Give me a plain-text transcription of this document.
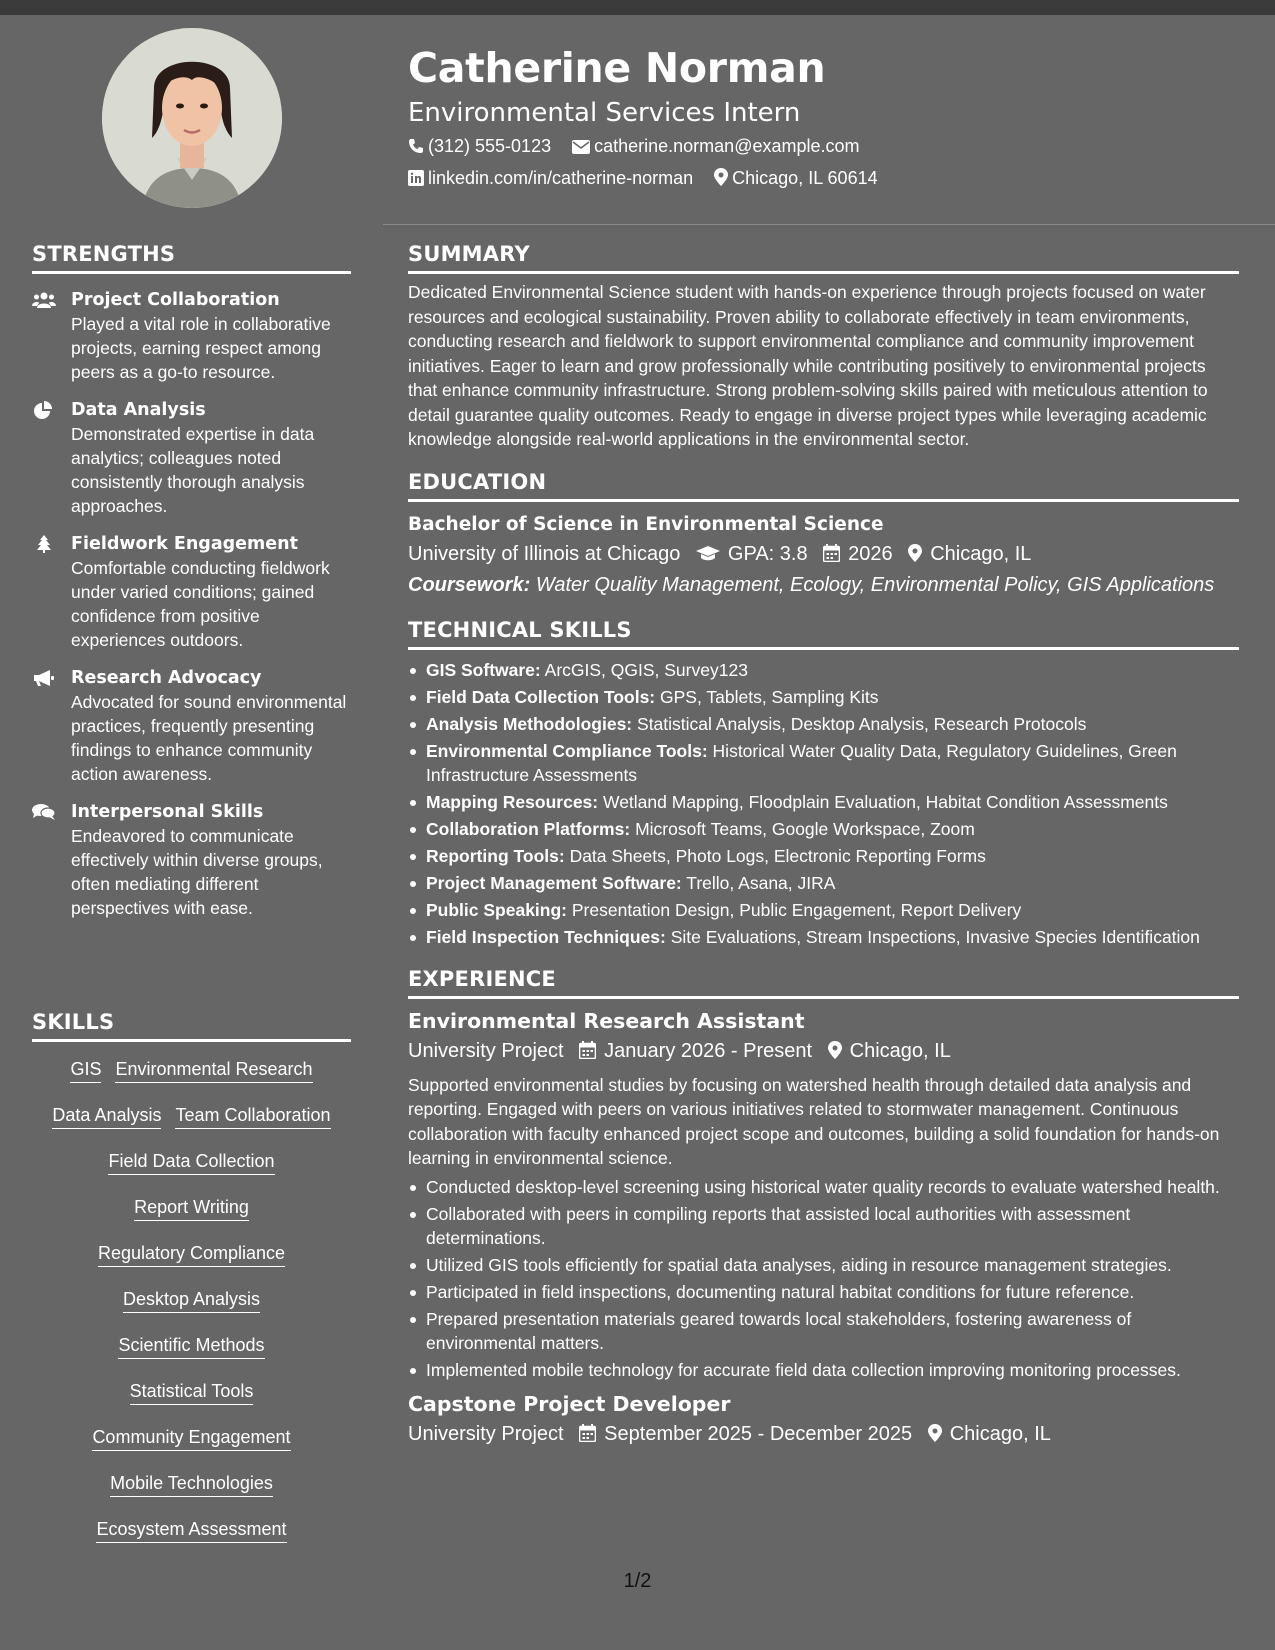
Catherine Norman
Environmental Services Intern
(312) 555-0123 catherine.norman@example.com
linkedin.com/in/catherine-norman Chicago, IL 60614
STRENGTHS
Project Collaboration
Played a vital role in collaborative projects, earning respect among peers as a go-to resource.
Data Analysis
Demonstrated expertise in data analytics; colleagues noted consistently thorough analysis approaches.
Fieldwork Engagement
Comfortable conducting fieldwork under varied conditions; gained confidence from positive experiences outdoors.
Research Advocacy
Advocated for sound environmental practices, frequently presenting findings to enhance community action awareness.
Interpersonal Skills
Endeavored to communicate effectively within diverse groups, often mediating different perspectives with ease.
SKILLS
GIS Environmental Research
Data Analysis Team Collaboration
Field Data Collection
Report Writing
Regulatory Compliance
Desktop Analysis
Scientific Methods
Statistical Tools
Community Engagement
Mobile Technologies
Ecosystem Assessment
SUMMARY
Dedicated Environmental Science student with hands-on experience through projects focused on water resources and ecological sustainability. Proven ability to collaborate effectively in team environments, conducting research and fieldwork to support environmental compliance and community improvement initiatives. Eager to learn and grow professionally while contributing positively to environmental projects that enhance community infrastructure. Strong problem-solving skills paired with meticulous attention to detail guarantee quality outcomes. Ready to engage in diverse project types while leveraging academic knowledge alongside real-world applications in the environmental sector.
EDUCATION
Bachelor of Science in Environmental Science
University of Illinois at Chicago GPA: 3.8 2026 Chicago, IL
Coursework: Water Quality Management, Ecology, Environmental Policy, GIS Applications
TECHNICAL SKILLS
GIS Software: ArcGIS, QGIS, Survey123
Field Data Collection Tools: GPS, Tablets, Sampling Kits
Analysis Methodologies: Statistical Analysis, Desktop Analysis, Research Protocols
Environmental Compliance Tools: Historical Water Quality Data, Regulatory Guidelines, Green Infrastructure Assessments
Mapping Resources: Wetland Mapping, Floodplain Evaluation, Habitat Condition Assessments
Collaboration Platforms: Microsoft Teams, Google Workspace, Zoom
Reporting Tools: Data Sheets, Photo Logs, Electronic Reporting Forms
Project Management Software: Trello, Asana, JIRA
Public Speaking: Presentation Design, Public Engagement, Report Delivery
Field Inspection Techniques: Site Evaluations, Stream Inspections, Invasive Species Identification
EXPERIENCE
Environmental Research Assistant
University Project January 2026 - Present Chicago, IL
Supported environmental studies by focusing on watershed health through detailed data analysis and reporting. Engaged with peers on various initiatives related to stormwater management. Continuous collaboration with faculty enhanced project scope and outcomes, building a solid foundation for hands-on learning in environmental science.
Conducted desktop-level screening using historical water quality records to evaluate watershed health.
Collaborated with peers in compiling reports that assisted local authorities with assessment determinations.
Utilized GIS tools efficiently for spatial data analyses, aiding in resource management strategies.
Participated in field inspections, documenting natural habitat conditions for future reference.
Prepared presentation materials geared towards local stakeholders, fostering awareness of environmental matters.
Implemented mobile technology for accurate field data collection improving monitoring processes.
Capstone Project Developer
University Project September 2025 - December 2025 Chicago, IL
1/2
